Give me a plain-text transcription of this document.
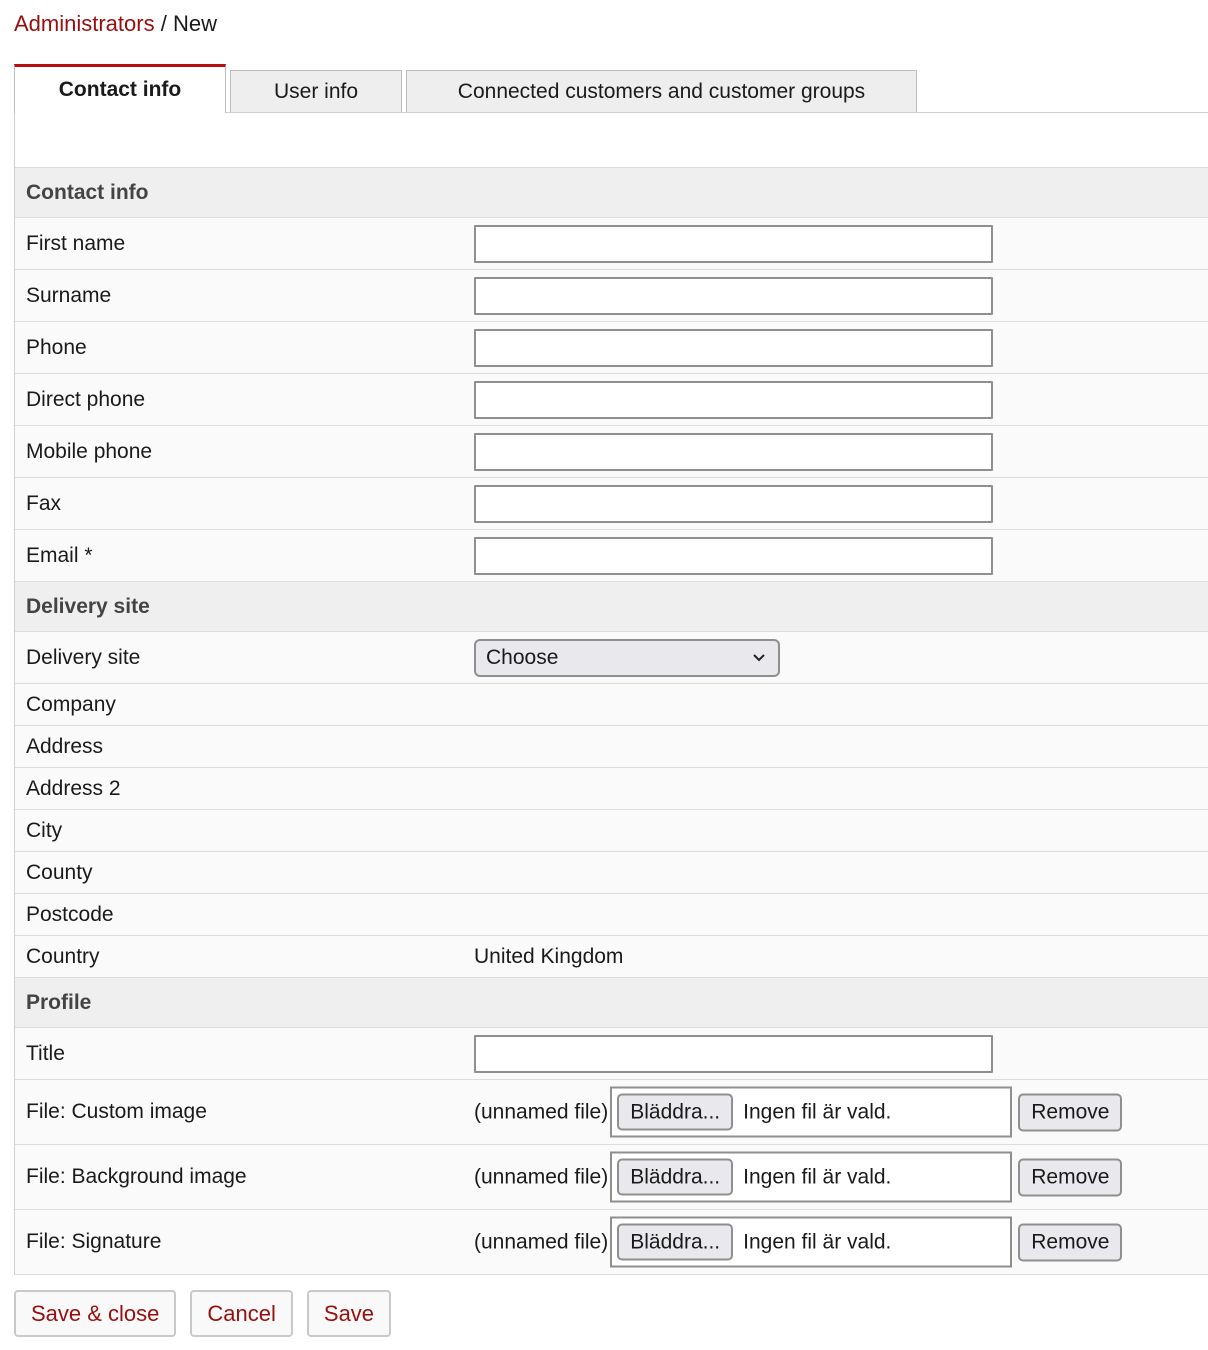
Administrators / New
Contact info	User info	Connected customers and customer groups
Contact info
First name
Surname
Phone
Direct phone
Mobile phone
Fax
Email *
Delivery site
Delivery site	Choose
Company
Address
Address 2
City
County
Postcode
Country	United Kingdom
Profile
Title
File: Custom image	(unnamed file)	Bläddra...	Ingen fil är vald.	Remove
File: Background image	(unnamed file)	Bläddra...	Ingen fil är vald.	Remove
File: Signature	(unnamed file)	Bläddra...	Ingen fil är vald.	Remove
Save & close	Cancel	Save
